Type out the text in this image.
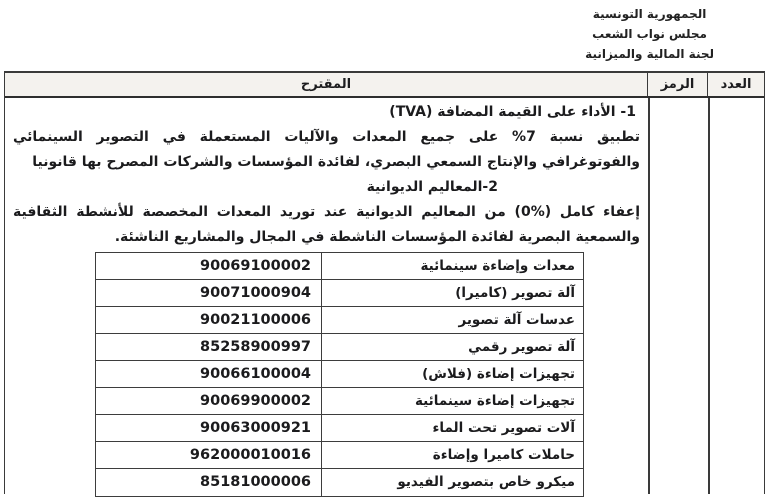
الجمهورية التونسية
مجلس نواب الشعب
لجنة المالية والميزانية
العدد
الرمز
المقترح
1- الأداء على القيمة المضافة (TVA)

تطبيق نسبة 7% على جميع المعدات والآليات المستعملة في التصوير السينمائي والفوتوغرافي والإنتاج السمعي البصري، لفائدة المؤسسات والشركات المصرح بها قانونيا

2-المعاليم الديوانية

إعفاء كامل (%0) من المعاليم الديوانية عند توريد المعدات المخصصة للأنشطة الثقافية والسمعية البصرية لفائدة المؤسسات الناشطة في المجال والمشاريع الناشئة.

معدات وإضاءة سينمائية
90069100002
آلة تصوير (كاميرا)
90071000904
عدسات آلة تصوير
90021100006
آلة تصوير رقمي
85258900997
تجهيزات إضاءة (فلاش)
90066100004
تجهيزات إضاءة سينمائية
90069900002
آلات تصوير تحت الماء
90063000921
حاملات كاميرا وإضاءة
962000010016
ميكرو خاص بتصوير الفيديو
85181000006
